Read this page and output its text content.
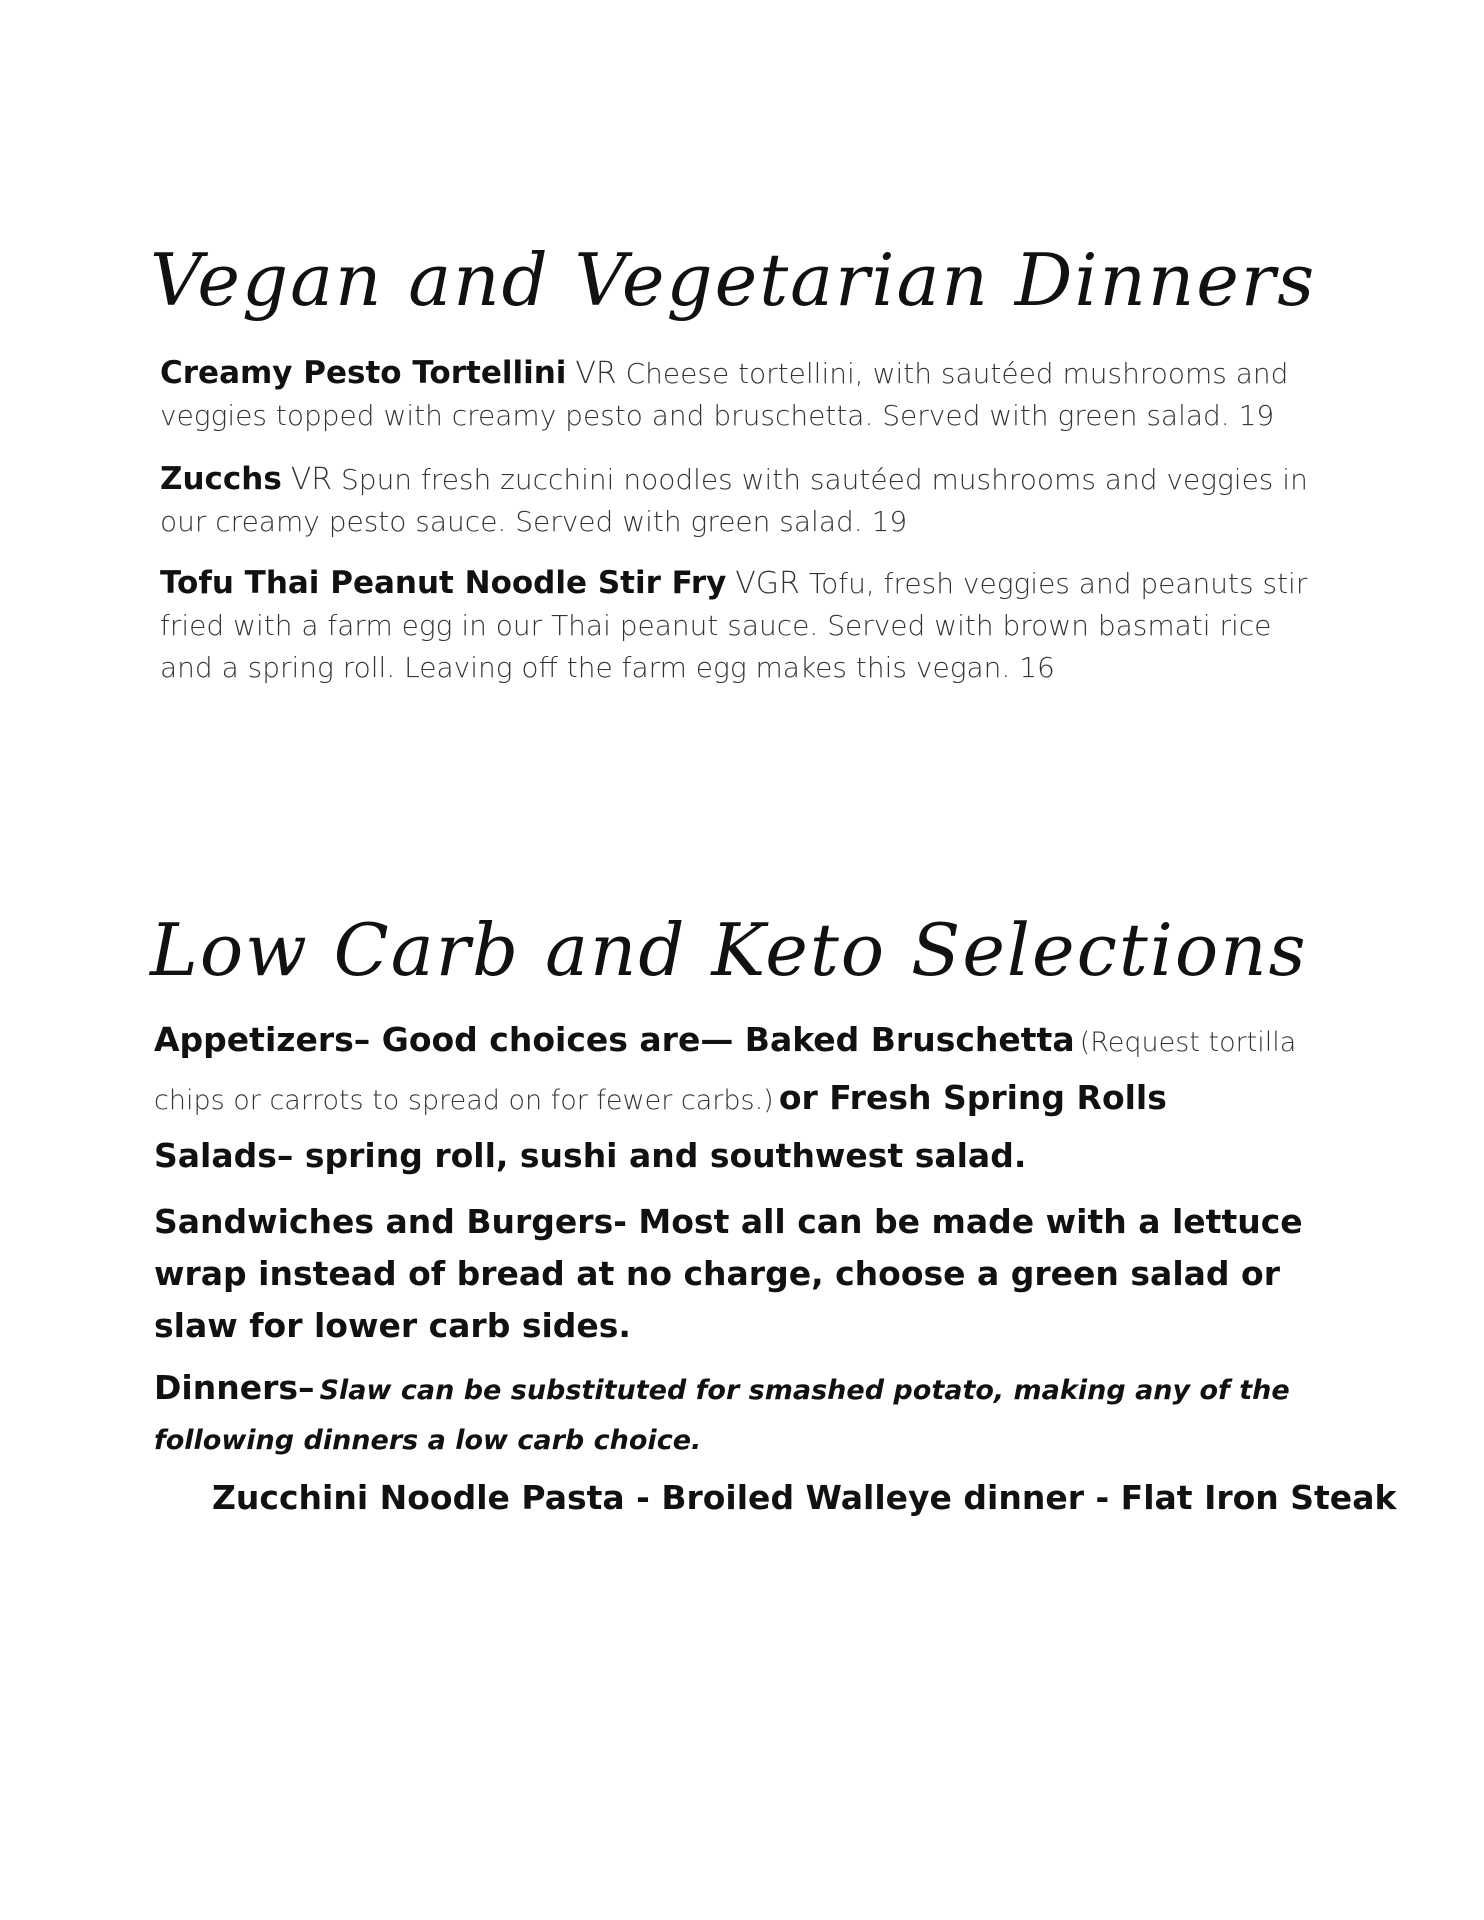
Vegan and Vegetarian Dinners
Creamy Pesto Tortellini VR Cheese tortellini, with sautéed mushrooms and veggies topped with creamy pesto and bruschetta. Served with green salad. 19
Zucchs VR Spun fresh zucchini noodles with sautéed mushrooms and veggies in our creamy pesto sauce. Served with green salad. 19
Tofu Thai Peanut Noodle Stir Fry VGR Tofu, fresh veggies and peanuts stir fried with a farm egg in our Thai peanut sauce. Served with brown basmati rice and a spring roll. Leaving off the farm egg makes this vegan. 16
Low Carb and Keto Selections
Appetizers– Good choices are— Baked Bruschetta (Request tortilla chips or carrots to spread on for fewer carbs.) or Fresh Spring Rolls
Salads– spring roll, sushi and southwest salad.
Sandwiches and Burgers- Most all can be made with a lettuce wrap instead of bread at no charge, choose a green salad or slaw for lower carb sides.
Dinners– Slaw can be substituted for smashed potato, making any of the following dinners a low carb choice.
Zucchini Noodle Pasta - Broiled Walleye dinner - Flat Iron Steak
